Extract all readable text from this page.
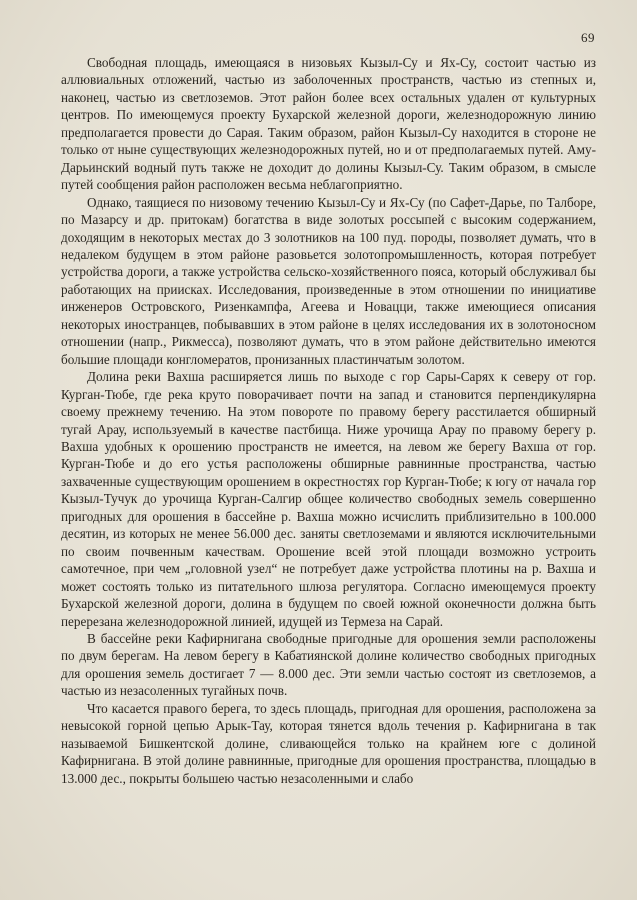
69

Свободная площадь, имеющаяся в низовьях Кызыл-Су и Ях-Су, состоит частью из аллювиальных отложений, частью из заболоченных пространств, частью из степных и, наконец, частью из светлоземов. Этот район более всех остальных удален от культурных центров. По имеющемуся проекту Бухарской железной дороги, железнодорожную линию предполагается провести до Сарая. Таким образом, район Кызыл-Су находится в стороне не только от ныне существующих железнодорожных путей, но и от предполагаемых путей. Аму-Дарьинский водный путь также не доходит до долины Кызыл-Су. Таким образом, в смысле путей сообщения район расположен весьма неблагоприятно.

Однако, таящиеся по низовому течению Кызыл-Су и Ях-Су (по Сафет-Дарье, по Талборе, по Мазарсу и др. притокам) богатства в виде золотых россыпей с высоким содержанием, доходящим в некоторых местах до 3 золотников на 100 пуд. породы, позволяет думать, что в недалеком будущем в этом районе разовьется золотопромышленность, которая потребует устройства дороги, а также устройства сельско-хозяйственного пояса, который обслуживал бы работающих на приисках. Исследования, произведенные в этом отношении по инициативе инженеров Островского, Ризенкампфа, Агеева и Новацци, также имеющиеся описания некоторых иностранцев, побывавших в этом районе в целях исследования их в золотоносном отношении (напр., Рикмесса), позволяют думать, что в этом районе действительно имеются большие площади конгломератов, пронизанных пластинчатым золотом.

Долина реки Вахша расширяется лишь по выходе с гор Сары-Сарях к северу от гор. Курган-Тюбе, где река круто поворачивает почти на запад и становится перпендикулярна своему прежнему течению. На этом повороте по правому берегу расстилается обширный тугай Арау, используемый в качестве пастбища. Ниже урочища Арау по правому берегу р. Вахша удобных к орошению пространств не имеется, на левом же берегу Вахша от гор. Курган-Тюбе и до его устья расположены обширные равнинные пространства, частью захваченные существующим орошением в окрестностях гор Курган-Тюбе; к югу от начала гор Кызыл-Тучук до урочища Курган-Салгир общее количество свободных земель совершенно пригодных для орошения в бассейне р. Вахша можно исчислить приблизительно в 100.000 десятин, из которых не менее 56.000 дес. заняты светлоземами и являются исключительными по своим почвенным качествам. Орошение всей этой площади возможно устроить самотечное, при чем „головной узел“ не потребует даже устройства плотины на р. Вахша и может состоять только из питательного шлюза регулятора. Согласно имеющемуся проекту Бухарской железной дороги, долина в будущем по своей южной оконечности должна быть перерезана железнодорожной линией, идущей из Термеза на Сарай.

В бассейне реки Кафирнигана свободные пригодные для орошения земли расположены по двум берегам. На левом берегу в Кабатиянской долине количество свободных пригодных для орошения земель достигает 7 — 8.000 дес. Эти земли частью состоят из светлоземов, а частью из незасоленных тугайных почв.

Что касается правого берега, то здесь площадь, пригодная для орошения, расположена за невысокой горной цепью Арык-Тау, которая тянется вдоль течения р. Кафирнигана в так называемой Бишкентской долине, сливающейся только на крайнем юге с долиной Кафирнигана. В этой долине равнинные, пригодные для орошения пространства, площадью в 13.000 дес., покрыты большею частью незасоленными и слабо
